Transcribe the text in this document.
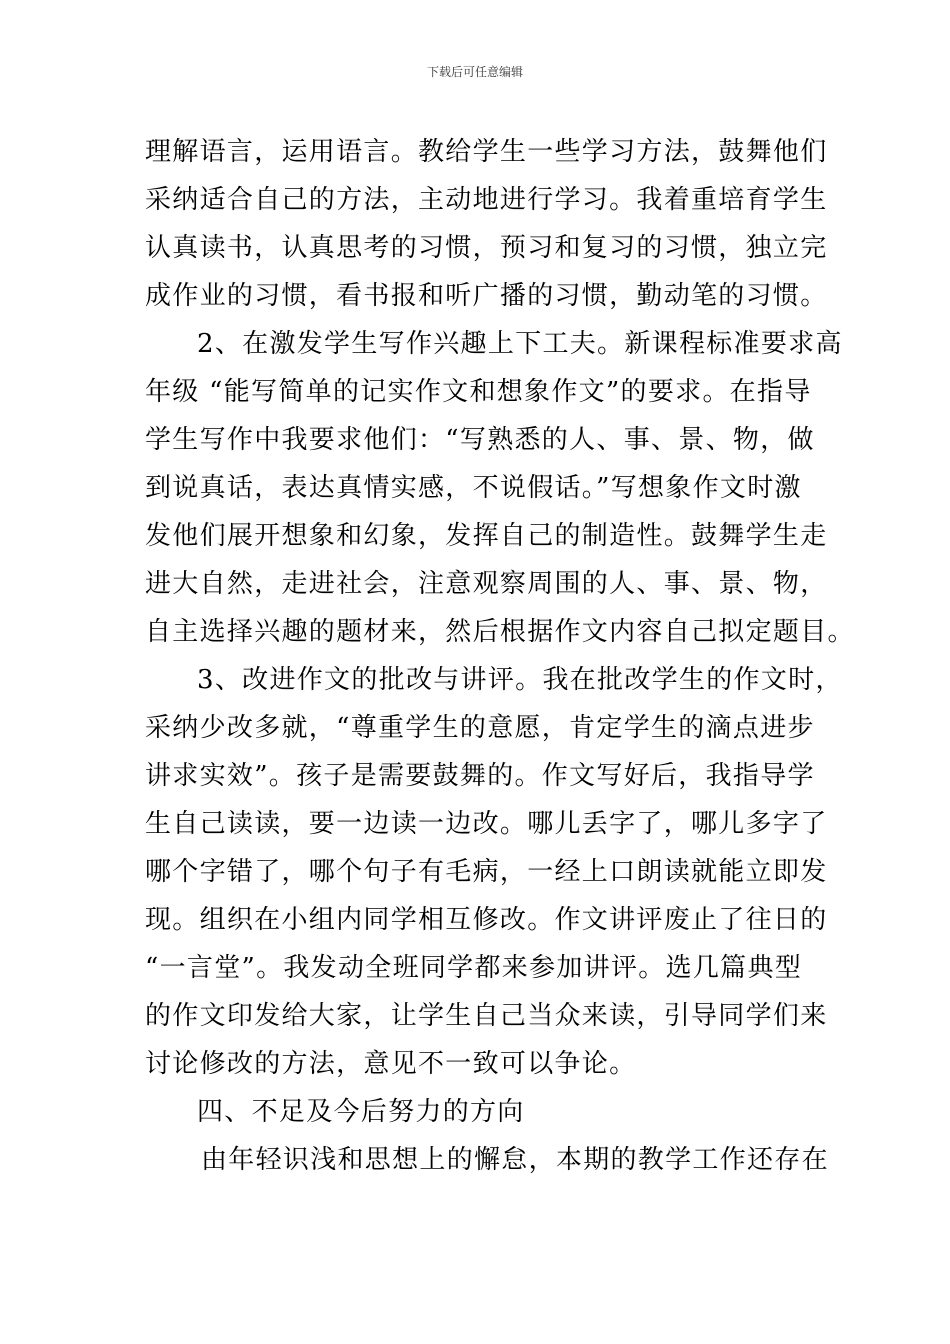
下载后可任意编辑
理解语言，运用语言。教给学生一些学习方法，鼓舞他们
采纳适合自己的方法，主动地进行学习。我着重培育学生
认真读书，认真思考的习惯，预习和复习的习惯，独立完
成作业的习惯，看书报和听广播的习惯，勤动笔的习惯。
2、在激发学生写作兴趣上下工夫。新课程标准要求高
年级 “能写简单的记实作文和想象作文”的要求。在指导
学生写作中我要求他们：“写熟悉的人、事、景、物，做
到说真话，表达真情实感，不说假话。”写想象作文时激
发他们展开想象和幻象，发挥自己的制造性。鼓舞学生走
进大自然，走进社会，注意观察周围的人、事、景、物，
自主选择兴趣的题材来，然后根据作文内容自己拟定题目。
3、改进作文的批改与讲评。我在批改学生的作文时，
采纳少改多就，“尊重学生的意愿，肯定学生的滴点进步
讲求实效”。孩子是需要鼓舞的。作文写好后，我指导学
生自己读读，要一边读一边改。哪儿丢字了，哪儿多字了
哪个字错了，哪个句子有毛病，一经上口朗读就能立即发
现。组织在小组内同学相互修改。作文讲评废止了往日的
“一言堂”。我发动全班同学都来参加讲评。选几篇典型
的作文印发给大家，让学生自己当众来读，引导同学们来
讨论修改的方法，意见不一致可以争论。
四、不足及今后努力的方向
由年轻识浅和思想上的懈怠，本期的教学工作还存在
